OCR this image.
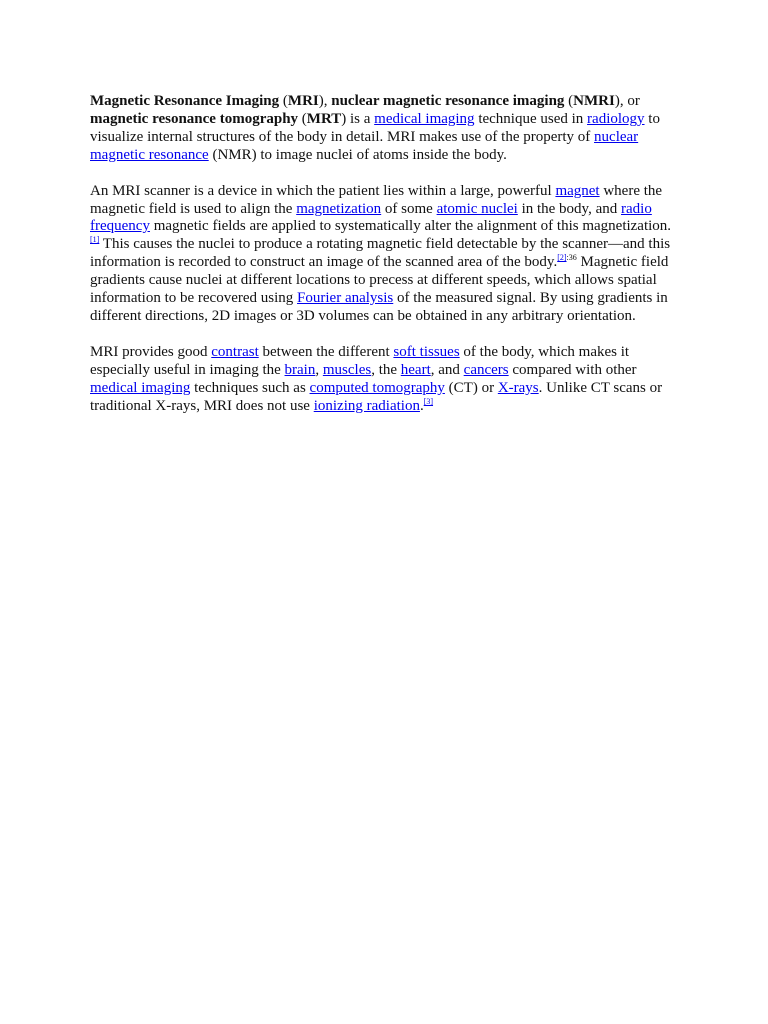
Magnetic Resonance Imaging (MRI), nuclear magnetic resonance imaging (NMRI), or magnetic resonance tomography (MRT) is a medical imaging technique used in radiology to visualize internal structures of the body in detail. MRI makes use of the property of nuclear magnetic resonance (NMR) to image nuclei of atoms inside the body.

An MRI scanner is a device in which the patient lies within a large, powerful magnet where the magnetic field is used to align the magnetization of some atomic nuclei in the body, and radio frequency magnetic fields are applied to systematically alter the alignment of this magnetization.[1] This causes the nuclei to produce a rotating magnetic field detectable by the scanner—and this information is recorded to construct an image of the scanned area of the body.$^{[2]:36}$ Magnetic field gradients cause nuclei at different locations to precess at different speeds, which allows spatial information to be recovered using Fourier analysis of the measured signal. By using gradients in different directions, 2D images or 3D volumes can be obtained in any arbitrary orientation.

MRI provides good contrast between the different soft tissues of the body, which makes it especially useful in imaging the brain, muscles, the heart, and cancers compared with other medical imaging techniques such as computed tomography (CT) or X-rays. Unlike CT scans or traditional X-rays, MRI does not use ionizing radiation.[3]
